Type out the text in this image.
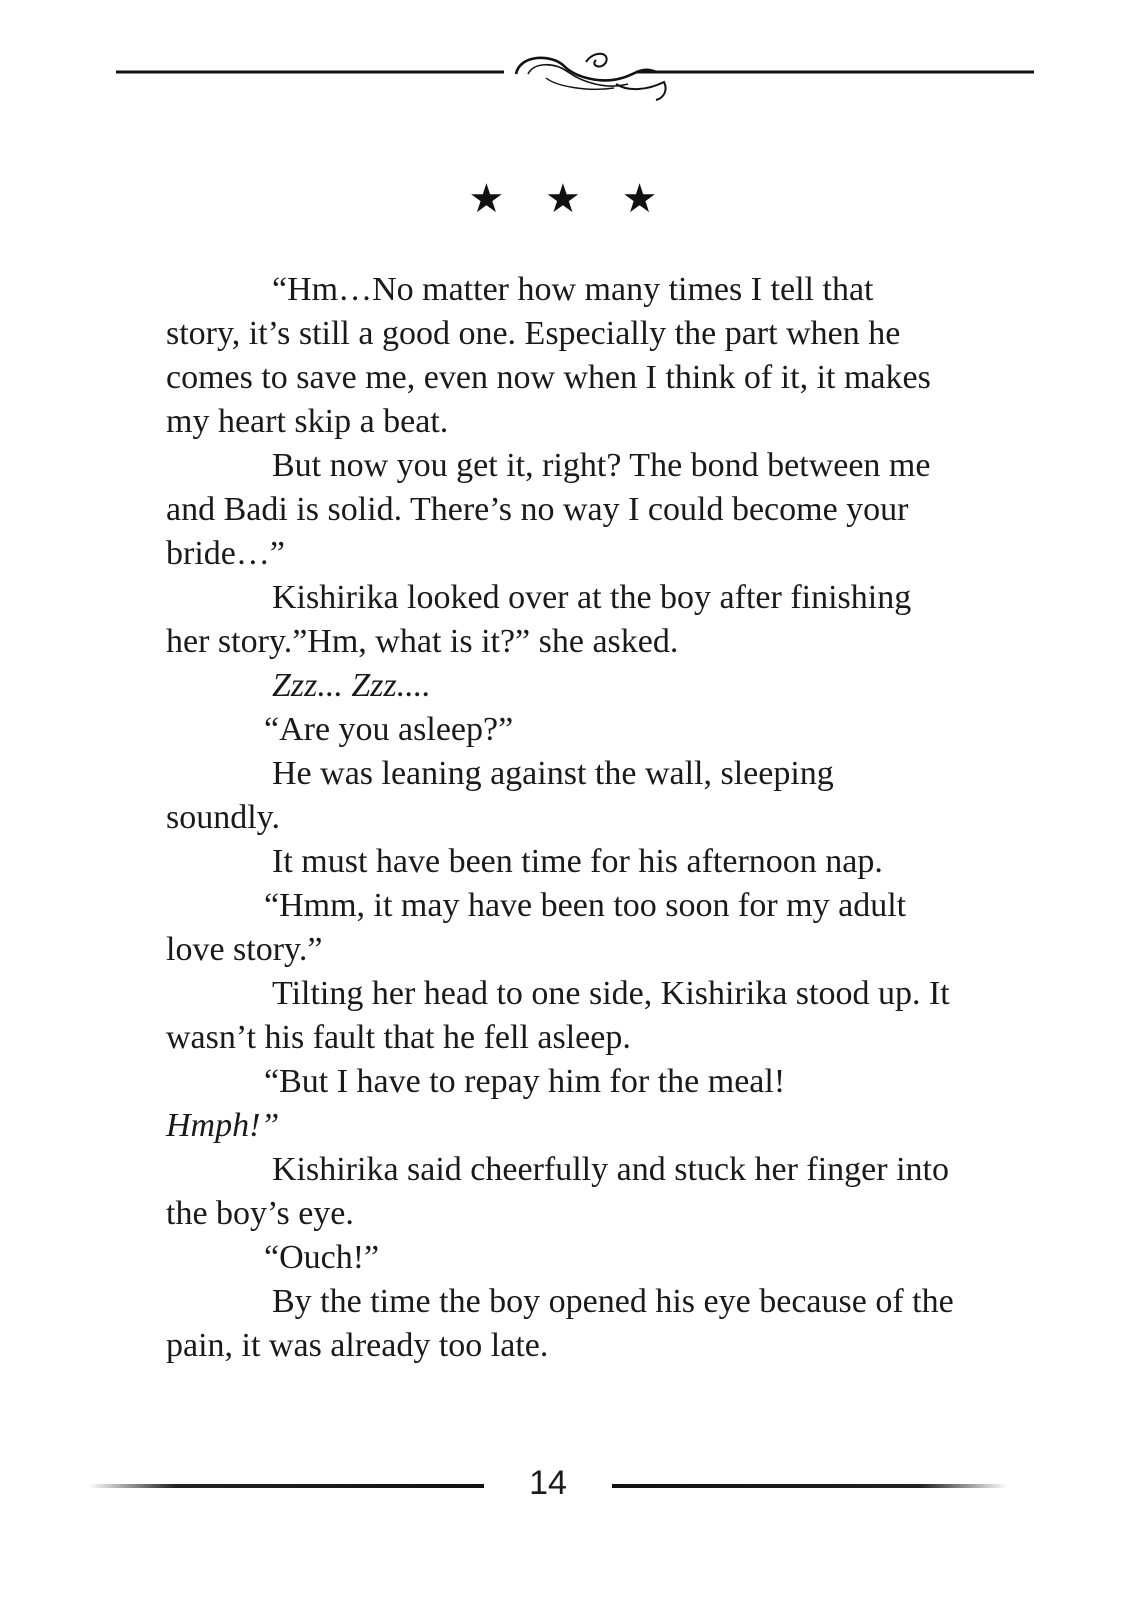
★ ★ ★

“Hm…No matter how many times I tell that story, it’s still a good one. Especially the part when he comes to save me, even now when I think of it, it makes my heart skip a beat.

But now you get it, right? The bond between me and Badi is solid. There’s no way I could become your bride…”

Kishirika looked over at the boy after finishing her story.”Hm, what is it?” she asked.

Zzz... Zzz....

“Are you asleep?”

He was leaning against the wall, sleeping soundly.

It must have been time for his afternoon nap.

“Hmm, it may have been too soon for my adult love story.”

Tilting her head to one side, Kishirika stood up. It wasn’t his fault that he fell asleep.

“But I have to repay him for the meal!

Hmph!”

Kishirika said cheerfully and stuck her finger into the boy’s eye.

“Ouch!”

By the time the boy opened his eye because of the pain, it was already too late.

14
